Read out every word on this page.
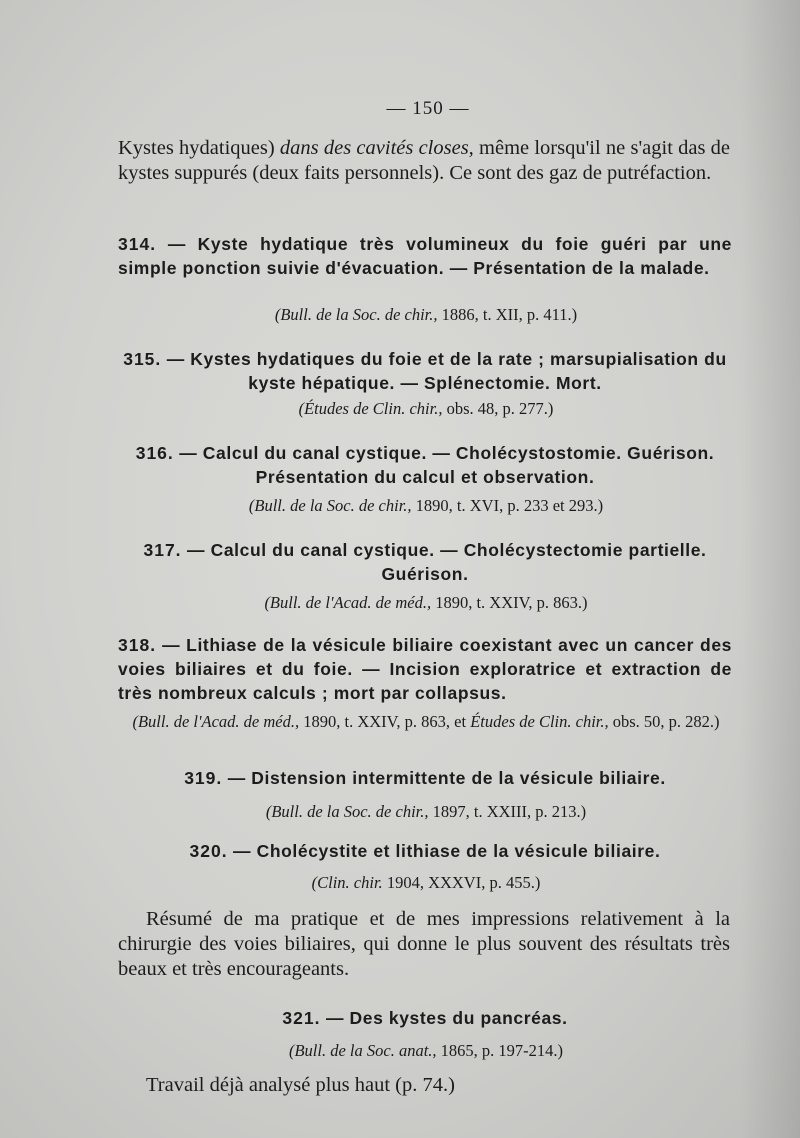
— 150 —
Kystes hydatiques) dans des cavités closes, même lorsqu'il ne s'agit das de kystes suppurés (deux faits personnels). Ce sont des gaz de putréfaction.
314. — Kyste hydatique très volumineux du foie guéri par une simple ponction suivie d'évacuation. — Présentation de la malade.
(Bull. de la Soc. de chir., 1886, t. XII, p. 411.)
315. — Kystes hydatiques du foie et de la rate ; marsupialisation du kyste hépatique. — Splénectomie. Mort.
(Études de Clin. chir., obs. 48, p. 277.)
316. — Calcul du canal cystique. — Cholécystostomie. Guérison. Présentation du calcul et observation.
(Bull. de la Soc. de chir., 1890, t. XVI, p. 233 et 293.)
317. — Calcul du canal cystique. — Cholécystectomie partielle. Guérison.
(Bull. de l'Acad. de méd., 1890, t. XXIV, p. 863.)
318. — Lithiase de la vésicule biliaire coexistant avec un cancer des voies biliaires et du foie. — Incision exploratrice et extraction de très nombreux calculs ; mort par collapsus.
(Bull. de l'Acad. de méd., 1890, t. XXIV, p. 863, et Études de Clin. chir., obs. 50, p. 282.)
319. — Distension intermittente de la vésicule biliaire.
(Bull. de la Soc. de chir., 1897, t. XXIII, p. 213.)
320. — Cholécystite et lithiase de la vésicule biliaire.
(Clin. chir. 1904, XXXVI, p. 455.)
Résumé de ma pratique et de mes impressions relativement à la chirurgie des voies biliaires, qui donne le plus souvent des résultats très beaux et très encourageants.
321. — Des kystes du pancréas.
(Bull. de la Soc. anat., 1865, p. 197-214.)
Travail déjà analysé plus haut (p. 74.)
